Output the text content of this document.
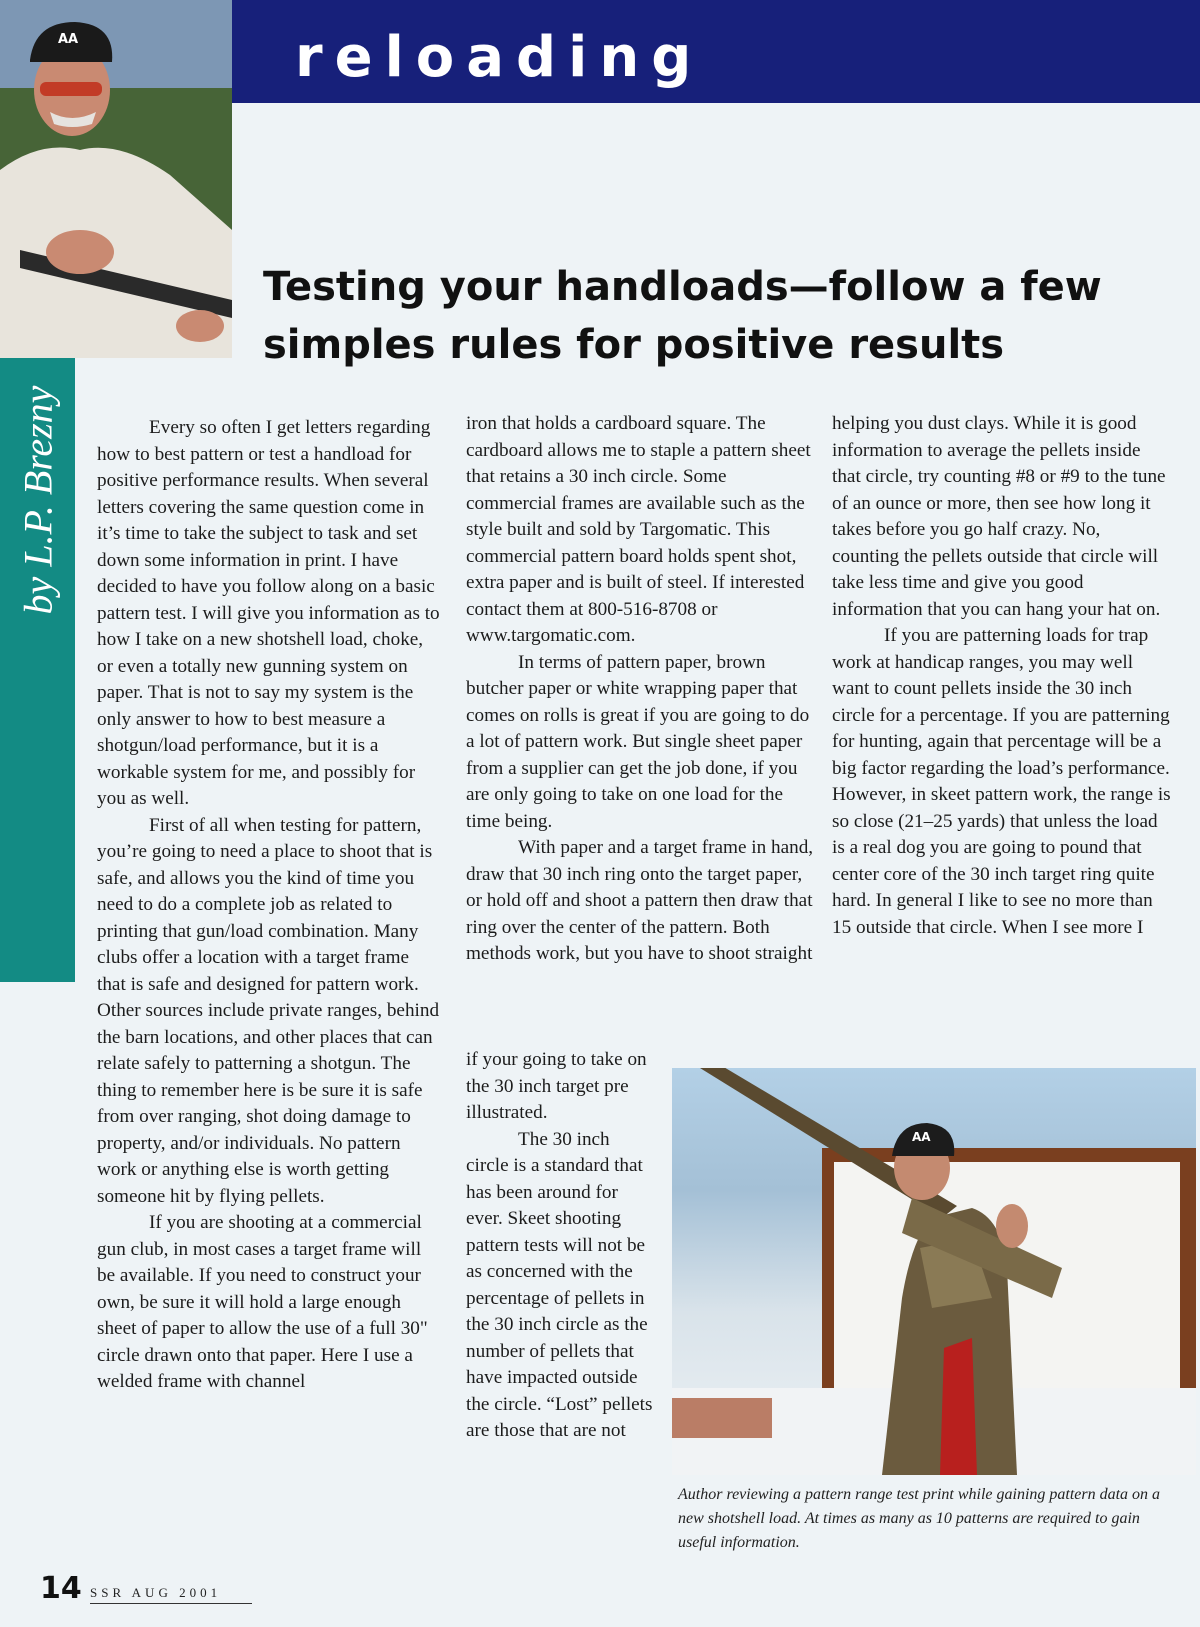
reloading
AA
by L.P. Brezny
Testing your handloads—follow a few simples rules for positive results

Every so often I get letters regarding how to best pattern or test a handload for positive performance results. When several letters covering the same question come in it’s time to take the subject to task and set down some information in print. I have decided to have you follow along on a basic pattern test. I will give you information as to how I take on a new shotshell load, choke, or even a totally new gunning system on paper. That is not to say my system is the only answer to how to best measure a shotgun/load performance, but it is a workable system for me, and possibly for you as well.

First of all when testing for pattern, you’re going to need a place to shoot that is safe, and allows you the kind of time you need to do a complete job as related to printing that gun/load combination. Many clubs offer a location with a target frame that is safe and designed for pattern work. Other sources include private ranges, behind the barn locations, and other places that can relate safely to patterning a shotgun. The thing to remember here is be sure it is safe from over ranging, shot doing damage to property, and/or individuals. No pattern work or anything else is worth getting someone hit by flying pellets.

If you are shooting at a commercial gun club, in most cases a target frame will be available. If you need to construct your own, be sure it will hold a large enough sheet of paper to allow the use of a full 30" circle drawn onto that paper. Here I use a welded frame with channel

iron that holds a cardboard square. The cardboard allows me to staple a pattern sheet that retains a 30 inch circle. Some commercial frames are available such as the style built and sold by Targomatic. This commercial pattern board holds spent shot, extra paper and is built of steel. If interested contact them at 800-516-8708 or www.targomatic.com.

In terms of pattern paper, brown butcher paper or white wrapping paper that comes on rolls is great if you are going to do a lot of pattern work. But single sheet paper from a supplier can get the job done, if you are only going to take on one load for the time being.

With paper and a target frame in hand, draw that 30 inch ring onto the target paper, or hold off and shoot a pattern then draw that ring over the center of the pattern. Both methods work, but you have to shoot straight

if your going to take on the 30 inch target pre illustrated.

The 30 inch circle is a standard that has been around for ever. Skeet shooting pattern tests will not be as concerned with the percentage of pellets in the 30 inch circle as the number of pellets that have impacted outside the circle. “Lost” pellets are those that are not

helping you dust clays. While it is good information to average the pellets inside that circle, try counting #8 or #9 to the tune of an ounce or more, then see how long it takes before you go half crazy. No, counting the pellets outside that circle will take less time and give you good information that you can hang your hat on.

If you are patterning loads for trap work at handicap ranges, you may well want to count pellets inside the 30 inch circle for a percentage. If you are patterning for hunting, again that percentage will be a big factor regarding the load’s performance. However, in skeet pattern work, the range is so close (21–25 yards) that unless the load is a real dog you are going to pound that center core of the 30 inch target ring quite hard. In general I like to see no more than 15 outside that circle. When I see more I

AA

Author reviewing a pattern range test print while gaining pattern data on a new shotshell load. At times as many as 10 patterns are required to gain useful information.

14 SSR AUG 2001
